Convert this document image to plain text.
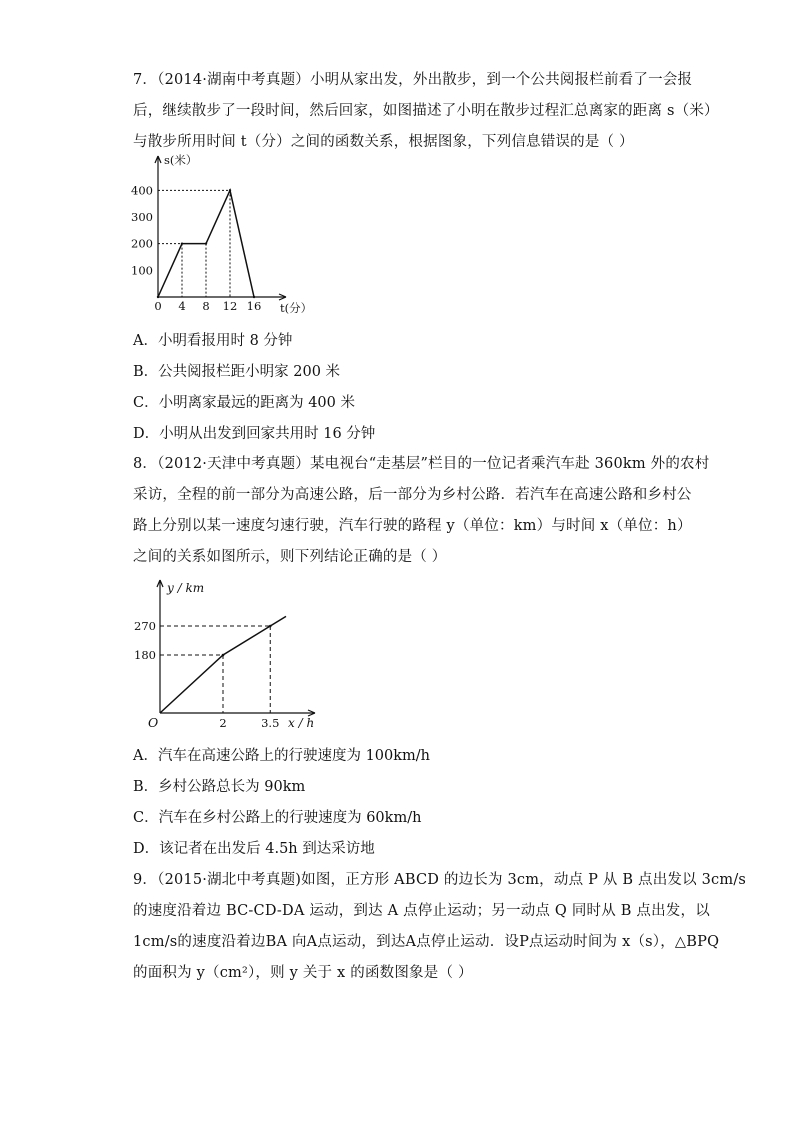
7．（2014·湖南中考真题）小明从家出发，外出散步，到一个公共阅报栏前看了一会报
后，继续散步了一段时间，然后回家，如图描述了小明在散步过程汇总离家的距离 s（米）
与散步所用时间 t（分）之间的函数关系，根据图象，下列信息错误的是（ ）
0 4 8 12 16
100
200
300
400
s(米）
t(分）
A．小明看报用时 8 分钟
B．公共阅报栏距小明家 200 米
C．小明离家最远的距离为 400 米
D．小明从出发到回家共用时 16 分钟
8．（2012·天津中考真题）某电视台“走基层”栏目的一位记者乘汽车赴 360km 外的农村
采访，全程的前一部分为高速公路，后一部分为乡村公路．若汽车在高速公路和乡村公
路上分别以某一速度匀速行驶，汽车行驶的路程 y（单位：km）与时间 x（单位：h）
之间的关系如图所示，则下列结论正确的是（ ）
2	3.5
180
270
O
y / km
x / h
A．汽车在高速公路上的行驶速度为 100km/h
B．乡村公路总长为 90km
C．汽车在乡村公路上的行驶速度为 60km/h
D．该记者在出发后 4.5h 到达采访地
9．（2015·湖北中考真题)如图，正方形 ABCD 的边长为 3cm，动点 P 从 B 点出发以 3cm/s
的速度沿着边 BC-CD-DA 运动，到达 A 点停止运动；另一动点 Q 同时从 B 点出发，以
1cm/s的速度沿着边BA 向A点运动，到达A点停止运动．设P点运动时间为 x（s），△BPQ
的面积为 y（cm²），则 y 关于 x 的函数图象是（ ）
